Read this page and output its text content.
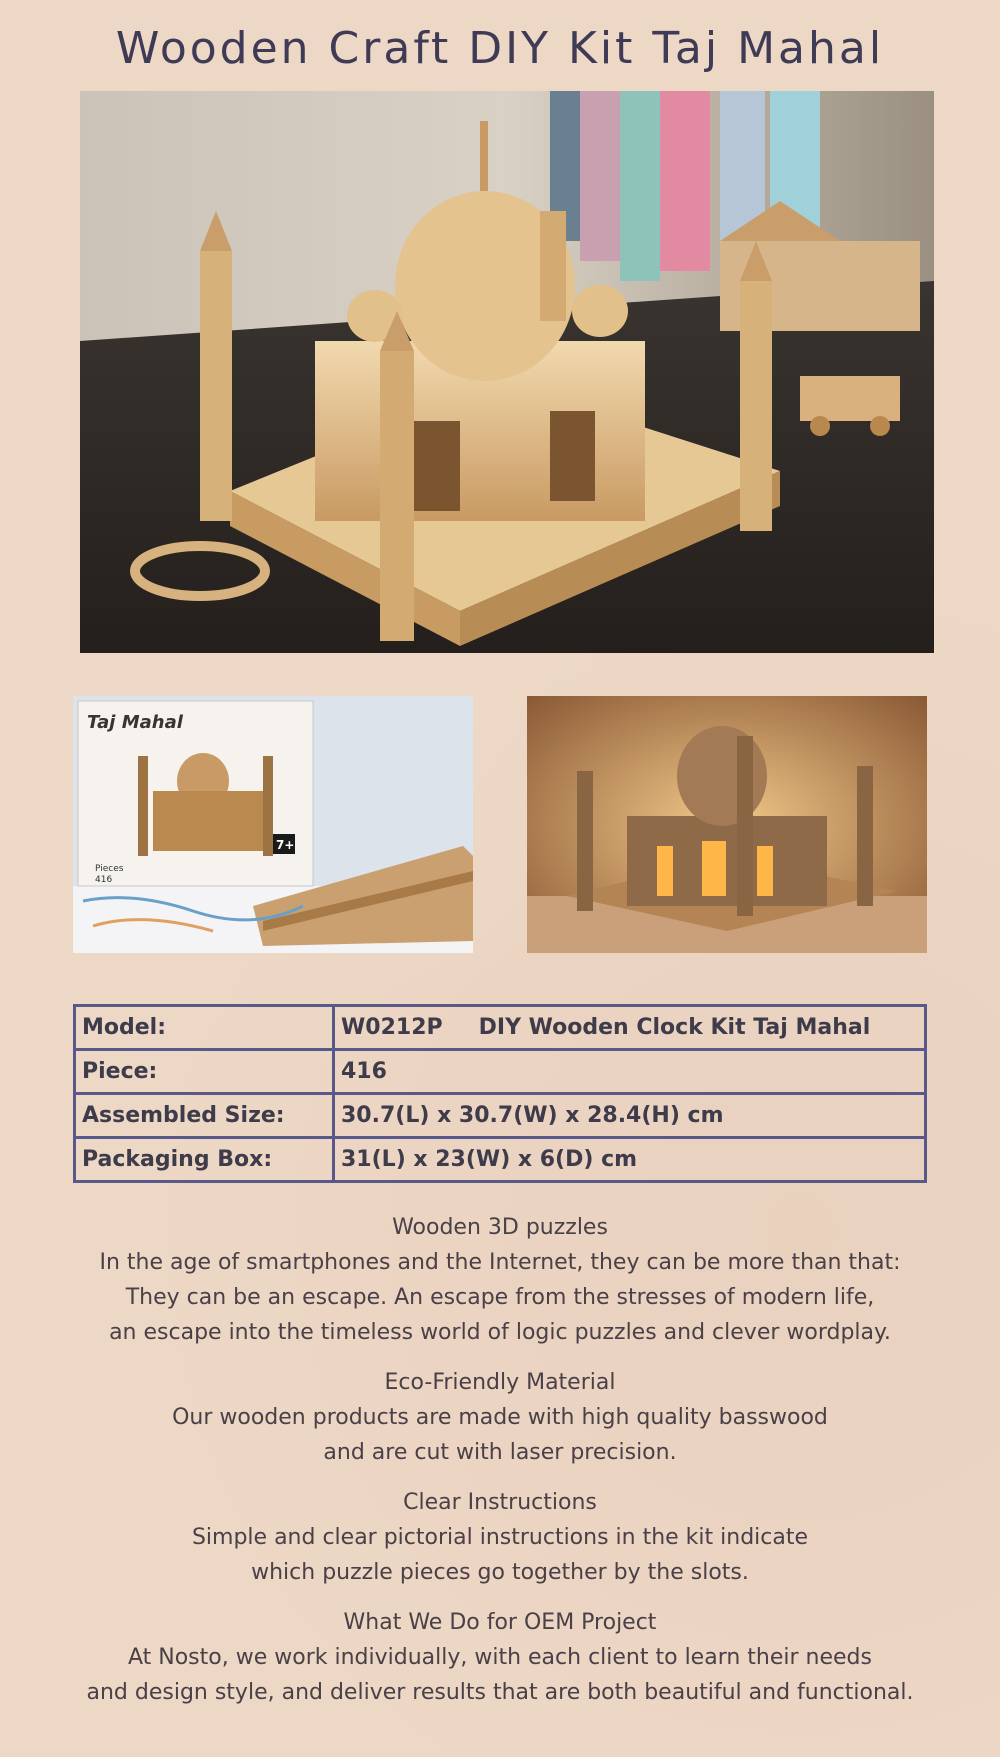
Wooden Craft DIY Kit Taj Mahal
Taj Mahal
7+
Pieces
416
Model:	W0212P DIY Wooden Clock Kit Taj Mahal
Piece:	416
Assembled Size:	30.7(L) x 30.7(W) x 28.4(H) cm
Packaging Box:	31(L) x 23(W) x 6(D) cm
Wooden 3D puzzles
In the age of smartphones and the Internet, they can be more than that:
They can be an escape. An escape from the stresses of modern life,
an escape into the timeless world of logic puzzles and clever wordplay.
Eco-Friendly Material
Our wooden products are made with high quality basswood
and are cut with laser precision.
Clear Instructions
Simple and clear pictorial instructions in the kit indicate
which puzzle pieces go together by the slots.
What We Do for OEM Project
At Nosto, we work individually, with each client to learn their needs
and design style, and deliver results that are both beautiful and functional.
